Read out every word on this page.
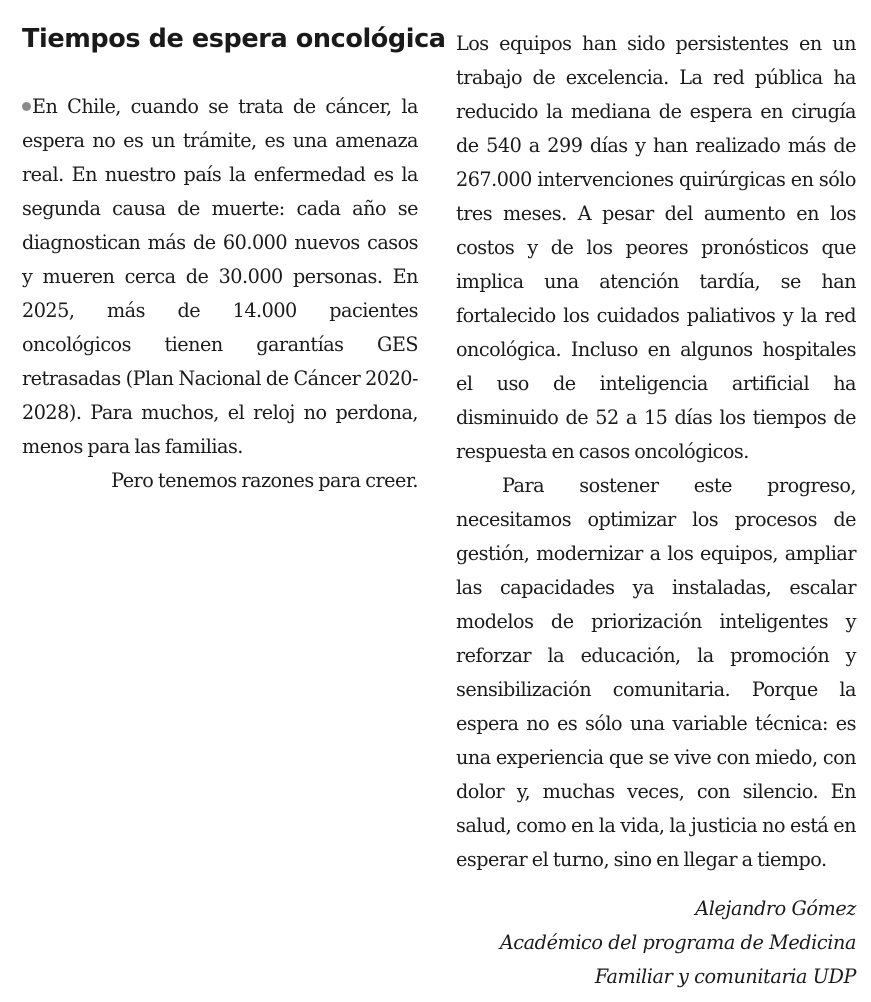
Tiempos de espera oncológica

En Chile, cuando se trata de cáncer, la espera no es un trámite, es una amenaza real. En nuestro país la enfermedad es la segunda causa de muerte: cada año se diagnostican más de 60.000 nuevos casos y mueren cerca de 30.000 personas. En 2025, más de 14.000 pacientes oncológicos tienen garantías GES retrasadas (Plan Nacional de Cáncer 2020-2028). Para muchos, el reloj no perdona, menos para las familias.

Pero tenemos razones para creer.

Los equipos han sido persistentes en un trabajo de excelencia. La red pública ha reducido la mediana de espera en cirugía de 540 a 299 días y han realizado más de 267.000 intervenciones quirúrgicas en sólo tres meses. A pesar del aumento en los costos y de los peores pronósticos que implica una atención tardía, se han fortalecido los cuidados paliativos y la red oncológica. Incluso en algunos hospitales el uso de inteligencia artificial ha disminuido de 52 a 15 días los tiempos de respuesta en casos oncológicos.

Para sostener este progreso, necesitamos optimizar los procesos de gestión, modernizar a los equipos, ampliar las capacidades ya instaladas, escalar modelos de priorización inteligentes y reforzar la educación, la promoción y sensibilización comunitaria. Porque la espera no es sólo una variable técnica: es una experiencia que se vive con miedo, con dolor y, muchas veces, con silencio. En salud, como en la vida, la justicia no está en esperar el turno, sino en llegar a tiempo.

Alejandro Gómez
Académico del programa de Medicina
Familiar y comunitaria UDP
